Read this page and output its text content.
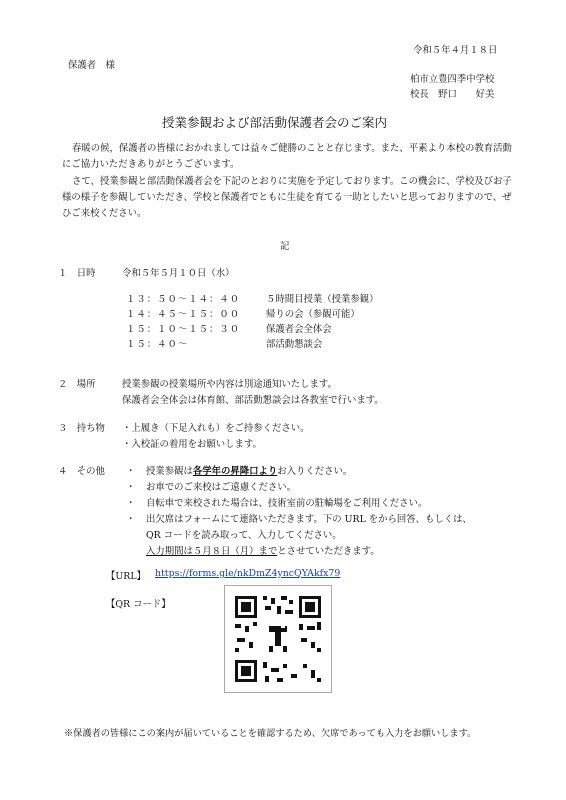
令和５年４月１８日
保護者　様
柏市立豊四季中学校
校長　野口　　好美
授業参観および部活動保護者会のご案内
春暖の候，保護者の皆様におかれましては益々ご健勝のことと存じます。また、平素より本校の教育活動にご協力いただきありがとうございます。
さて、授業参観と部活動保護者会を下記のとおりに実施を予定しております。この機会に、学校及びお子様の様子を参観していただき、学校と保護者でともに生徒を育てる一助としたいと思っておりますので、ぜひご来校ください。
記
１　日時	令和５年５月１０日（水）
１３：５０～１４：４０	５時間目授業（授業参観）
１４：４５～１５：００	帰りの会（参観可能）
１５：１０～１５：３０	保護者会全体会
１５：４０～	部活動懇談会
２　場所	授業参観の授業場所や内容は別途通知いたします。
保護者会全体会は体育館、部活動懇談会は各教室で行います。
３　持ち物 ・上履き（下足入れも）をご持参ください。
・入校証の着用をお願いします。
４　その他 ・ 授業参観は各学年の昇降口よりお入りください。
・ お車でのご来校はご遠慮ください。
・ 自転車で来校された場合は、技術室前の駐輪場をご利用ください。
・ 出欠席はフォームにて連絡いただきます。下の URL をから回答、もしくは、
QR コードを読み取って、入力してください。
入力期間は５月８日（月）までとさせていただきます。
【URL】 https://forms.gle/nkDmZ4yncQYAkfx79
【QR コード】
※保護者の皆様にこの案内が届いていることを確認するため、欠席であっても入力をお願いします。
